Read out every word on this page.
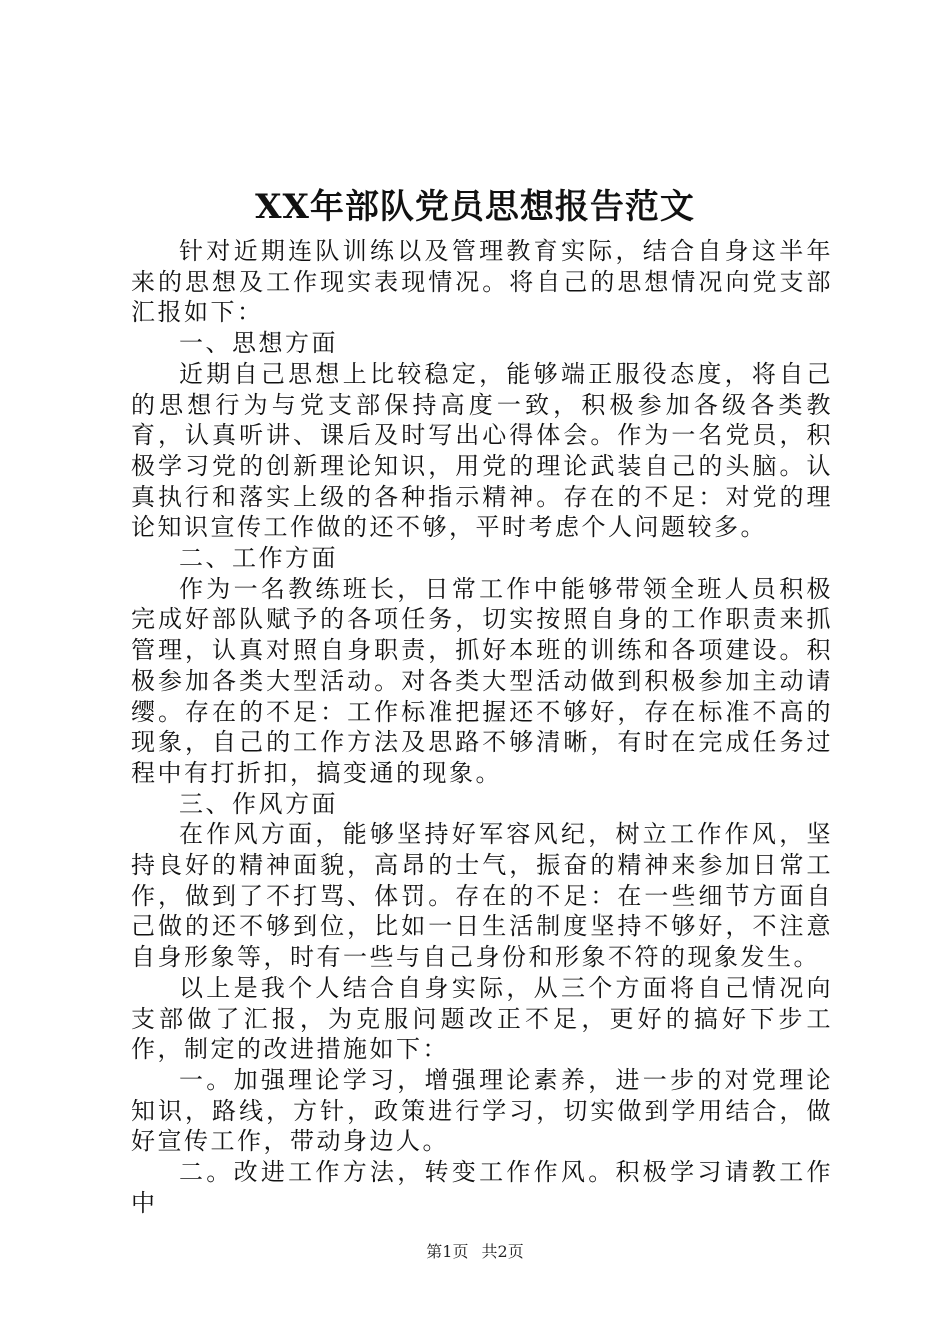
XX年部队党员思想报告范文

针对近期连队训练以及管理教育实际，结合自身这半年来的思想及工作现实表现情况。将自己的思想情况向党支部汇报如下：

一、思想方面

近期自己思想上比较稳定，能够端正服役态度，将自己的思想行为与党支部保持高度一致，积极参加各级各类教育，认真听讲、课后及时写出心得体会。作为一名党员，积极学习党的创新理论知识，用党的理论武装自己的头脑。认真执行和落实上级的各种指示精神。存在的不足：对党的理论知识宣传工作做的还不够，平时考虑个人问题较多。

二、工作方面

作为一名教练班长，日常工作中能够带领全班人员积极完成好部队赋予的各项任务，切实按照自身的工作职责来抓管理，认真对照自身职责，抓好本班的训练和各项建设。积极参加各类大型活动。对各类大型活动做到积极参加主动请缨。存在的不足：工作标准把握还不够好，存在标准不高的现象，自己的工作方法及思路不够清晰，有时在完成任务过程中有打折扣，搞变通的现象。

三、作风方面

在作风方面，能够坚持好军容风纪，树立工作作风，坚持良好的精神面貌，高昂的士气，振奋的精神来参加日常工作，做到了不打骂、体罚。存在的不足：在一些细节方面自己做的还不够到位，比如一日生活制度坚持不够好，不注意自身形象等，时有一些与自己身份和形象不符的现象发生。

以上是我个人结合自身实际，从三个方面将自己情况向支部做了汇报，为克服问题改正不足，更好的搞好下步工作，制定的改进措施如下：

一。加强理论学习，增强理论素养，进一步的对党理论知识，路线，方针，政策进行学习，切实做到学用结合，做好宣传工作，带动身边人。

二。改进工作方法，转变工作作风。积极学习请教工作中

第1页 共2页
